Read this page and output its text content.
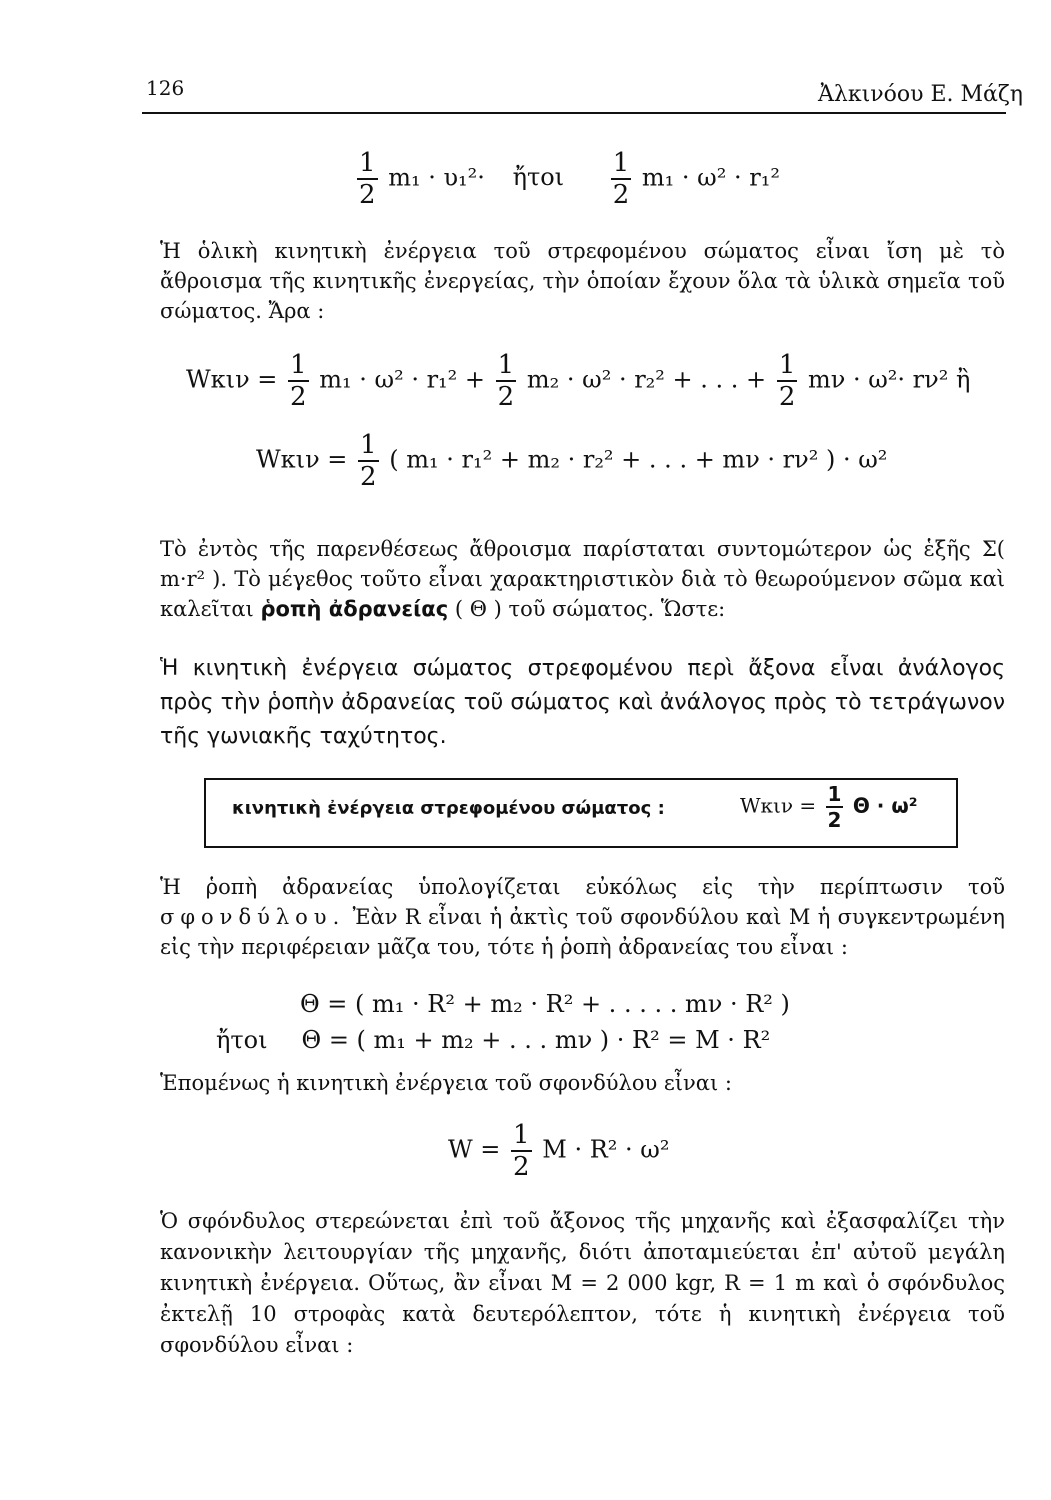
126	Ἀλκινόου Ε. Μάζη
$\frac{1}{2} m_1 \cdot \upsilon_1^2\cdot$ ἤτοι $\frac{1}{2} m_1 \cdot \omega^2 \cdot r_1^2$
Ἡ ὁλικὴ κινητικὴ ἐνέργεια τοῦ στρεφομένου σώματος εἶναι ἴση μὲ τὸ ἄθροισμα τῆς κινητικῆς ἐνεργείας, τὴν ὁποίαν ἔχουν ὅλα τὰ ὑλικὰ σημεῖα τοῦ σώματος. Ἄρα :
$W\kappa\iota\nu = \frac{1}{2} m_1 \cdot \omega^2 \cdot r_1^2 + \frac{1}{2} m_2 \cdot \omega^2 \cdot r_2^2$ + . . . + $\frac{1}{2}$ mν · ω²· rν² ἢ
$W\kappa\iota\nu = \frac{1}{2}$ ( m₁ · r₁² + m₂ · r₂² + . . . + mν · rν² ) · ω²
Τὸ ἐντὸς τῆς παρενθέσεως ἄθροισμα παρίσταται συντομώτερον ὡς ἑξῆς Σ( m·r² ). Τὸ μέγεθος τοῦτο εἶναι χαρακτηριστικὸν διὰ τὸ θεωρούμενον σῶμα καὶ καλεῖται ῥοπὴ ἀδρανείας ( Θ ) τοῦ σώματος. Ὥστε:
Ἡ κινητικὴ ἐνέργεια σώματος στρεφομένου περὶ ἄξονα εἶναι ἀνάλογος πρὸς τὴν ῥοπὴν ἀδρανείας τοῦ σώματος καὶ ἀνάλογος πρὸς τὸ τετράγωνον τῆς γωνιακῆς ταχύτητος.
κινητικὴ ἐνέργεια στρεφομένου σώματος :	$W\kappa\iota\nu = \frac{1}{2}$ Θ · ω²
Ἡ ῥοπὴ ἀδρανείας ὑπολογίζεται εὐκόλως εἰς τὴν περίπτωσιν τοῦ σφονδύλου. Ἐὰν R εἶναι ἡ ἀκτὶς τοῦ σφονδύλου καὶ M ἡ συγκεντρωμένη εἰς τὴν περιφέρειαν μᾶζα του, τότε ἡ ῥοπὴ ἀδρανείας του εἶναι :
Θ = ( m₁ · R² + m₂ · R² + . . . . . mν · R² )
ἤτοι Θ = ( m₁ + m₂ + . . . mν ) · R² = M · R²
Ἑπομένως ἡ κινητικὴ ἐνέργεια τοῦ σφονδύλου εἶναι :
$W = \frac{1}{2}$ M · R² · ω²
Ὁ σφόνδυλος στερεώνεται ἐπὶ τοῦ ἄξονος τῆς μηχανῆς καὶ ἐξασφαλίζει τὴν κανονικὴν λειτουργίαν τῆς μηχανῆς, διότι ἀποταμιεύεται ἐπ' αὐτοῦ μεγάλη κινητικὴ ἐνέργεια. Οὕτως, ἂν εἶναι M = 2 000 kgr, R = 1 m καὶ ὁ σφόνδυλος ἐκτελῇ 10 στροφὰς κατὰ δευτερόλεπτον, τότε ἡ κινητικὴ ἐνέργεια τοῦ σφονδύλου εἶναι :
